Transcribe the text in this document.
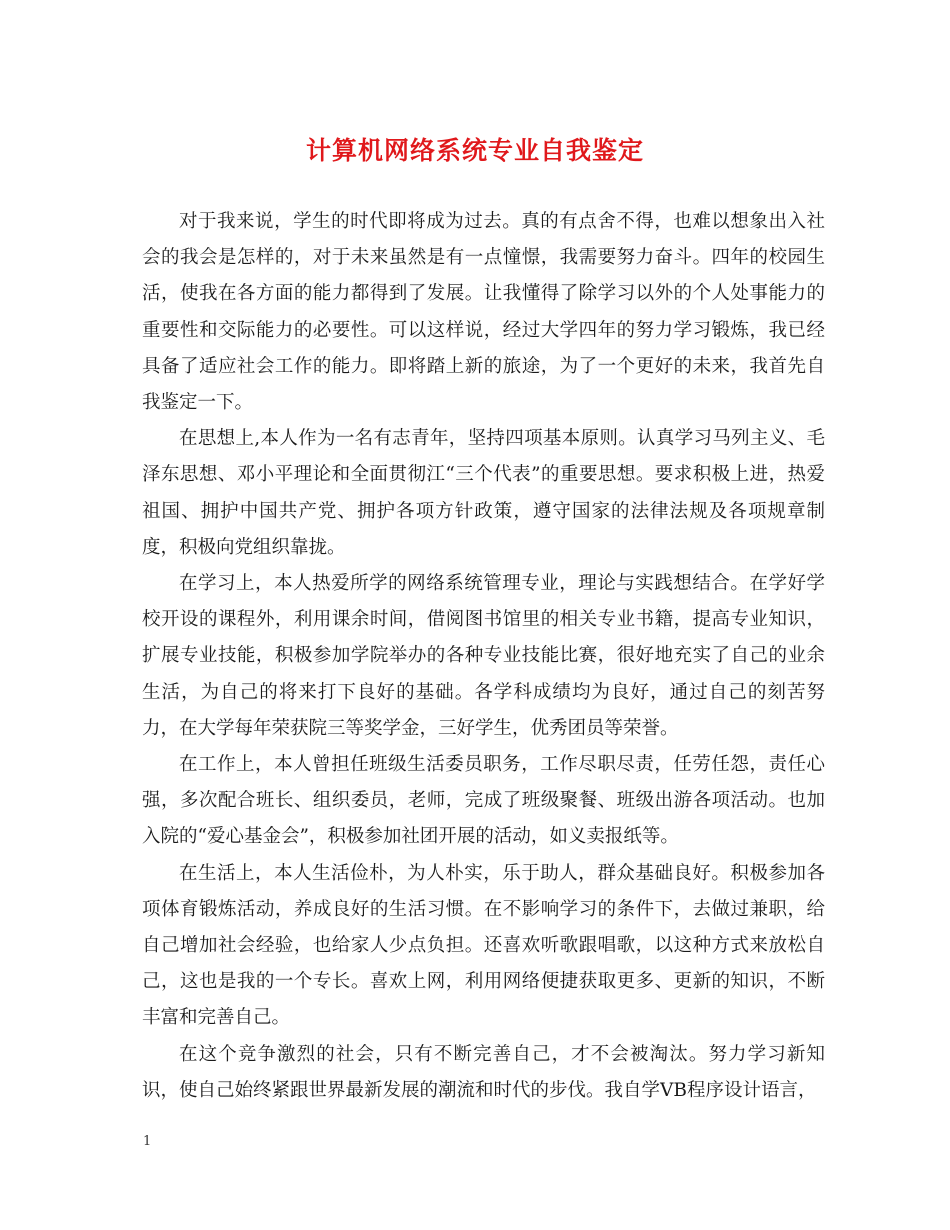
计算机网络系统专业自我鉴定

对于我来说，学生的时代即将成为过去。真的有点舍不得，也难以想象出入社会的我会是怎样的，对于未来虽然是有一点憧憬，我需要努力奋斗。四年的校园生活，使我在各方面的能力都得到了发展。让我懂得了除学习以外的个人处事能力的重要性和交际能力的必要性。可以这样说，经过大学四年的努力学习锻炼，我已经具备了适应社会工作的能力。即将踏上新的旅途，为了一个更好的未来，我首先自我鉴定一下。

在思想上,本人作为一名有志青年，坚持四项基本原则。认真学习马列主义、毛泽东思想、邓小平理论和全面贯彻江“三个代表”的重要思想。要求积极上进，热爱祖国、拥护中国共产党、拥护各项方针政策，遵守国家的法律法规及各项规章制度，积极向党组织靠拢。

在学习上，本人热爱所学的网络系统管理专业，理论与实践想结合。在学好学校开设的课程外，利用课余时间，借阅图书馆里的相关专业书籍，提高专业知识，扩展专业技能，积极参加学院举办的各种专业技能比赛，很好地充实了自己的业余生活，为自己的将来打下良好的基础。各学科成绩均为良好，通过自己的刻苦努力，在大学每年荣获院三等奖学金，三好学生，优秀团员等荣誉。

在工作上，本人曾担任班级生活委员职务，工作尽职尽责，任劳任怨，责任心强，多次配合班长、组织委员，老师，完成了班级聚餐、班级出游各项活动。也加入院的“爱心基金会”，积极参加社团开展的活动，如义卖报纸等。

在生活上，本人生活俭朴，为人朴实，乐于助人，群众基础良好。积极参加各项体育锻炼活动，养成良好的生活习惯。在不影响学习的条件下，去做过兼职，给自己增加社会经验，也给家人少点负担。还喜欢听歌跟唱歌，以这种方式来放松自己，这也是我的一个专长。喜欢上网，利用网络便捷获取更多、更新的知识，不断丰富和完善自己。

在这个竞争激烈的社会，只有不断完善自己，才不会被淘汰。努力学习新知识，使自己始终紧跟世界最新发展的潮流和时代的步伐。我自学VB程序设计语言，

1
